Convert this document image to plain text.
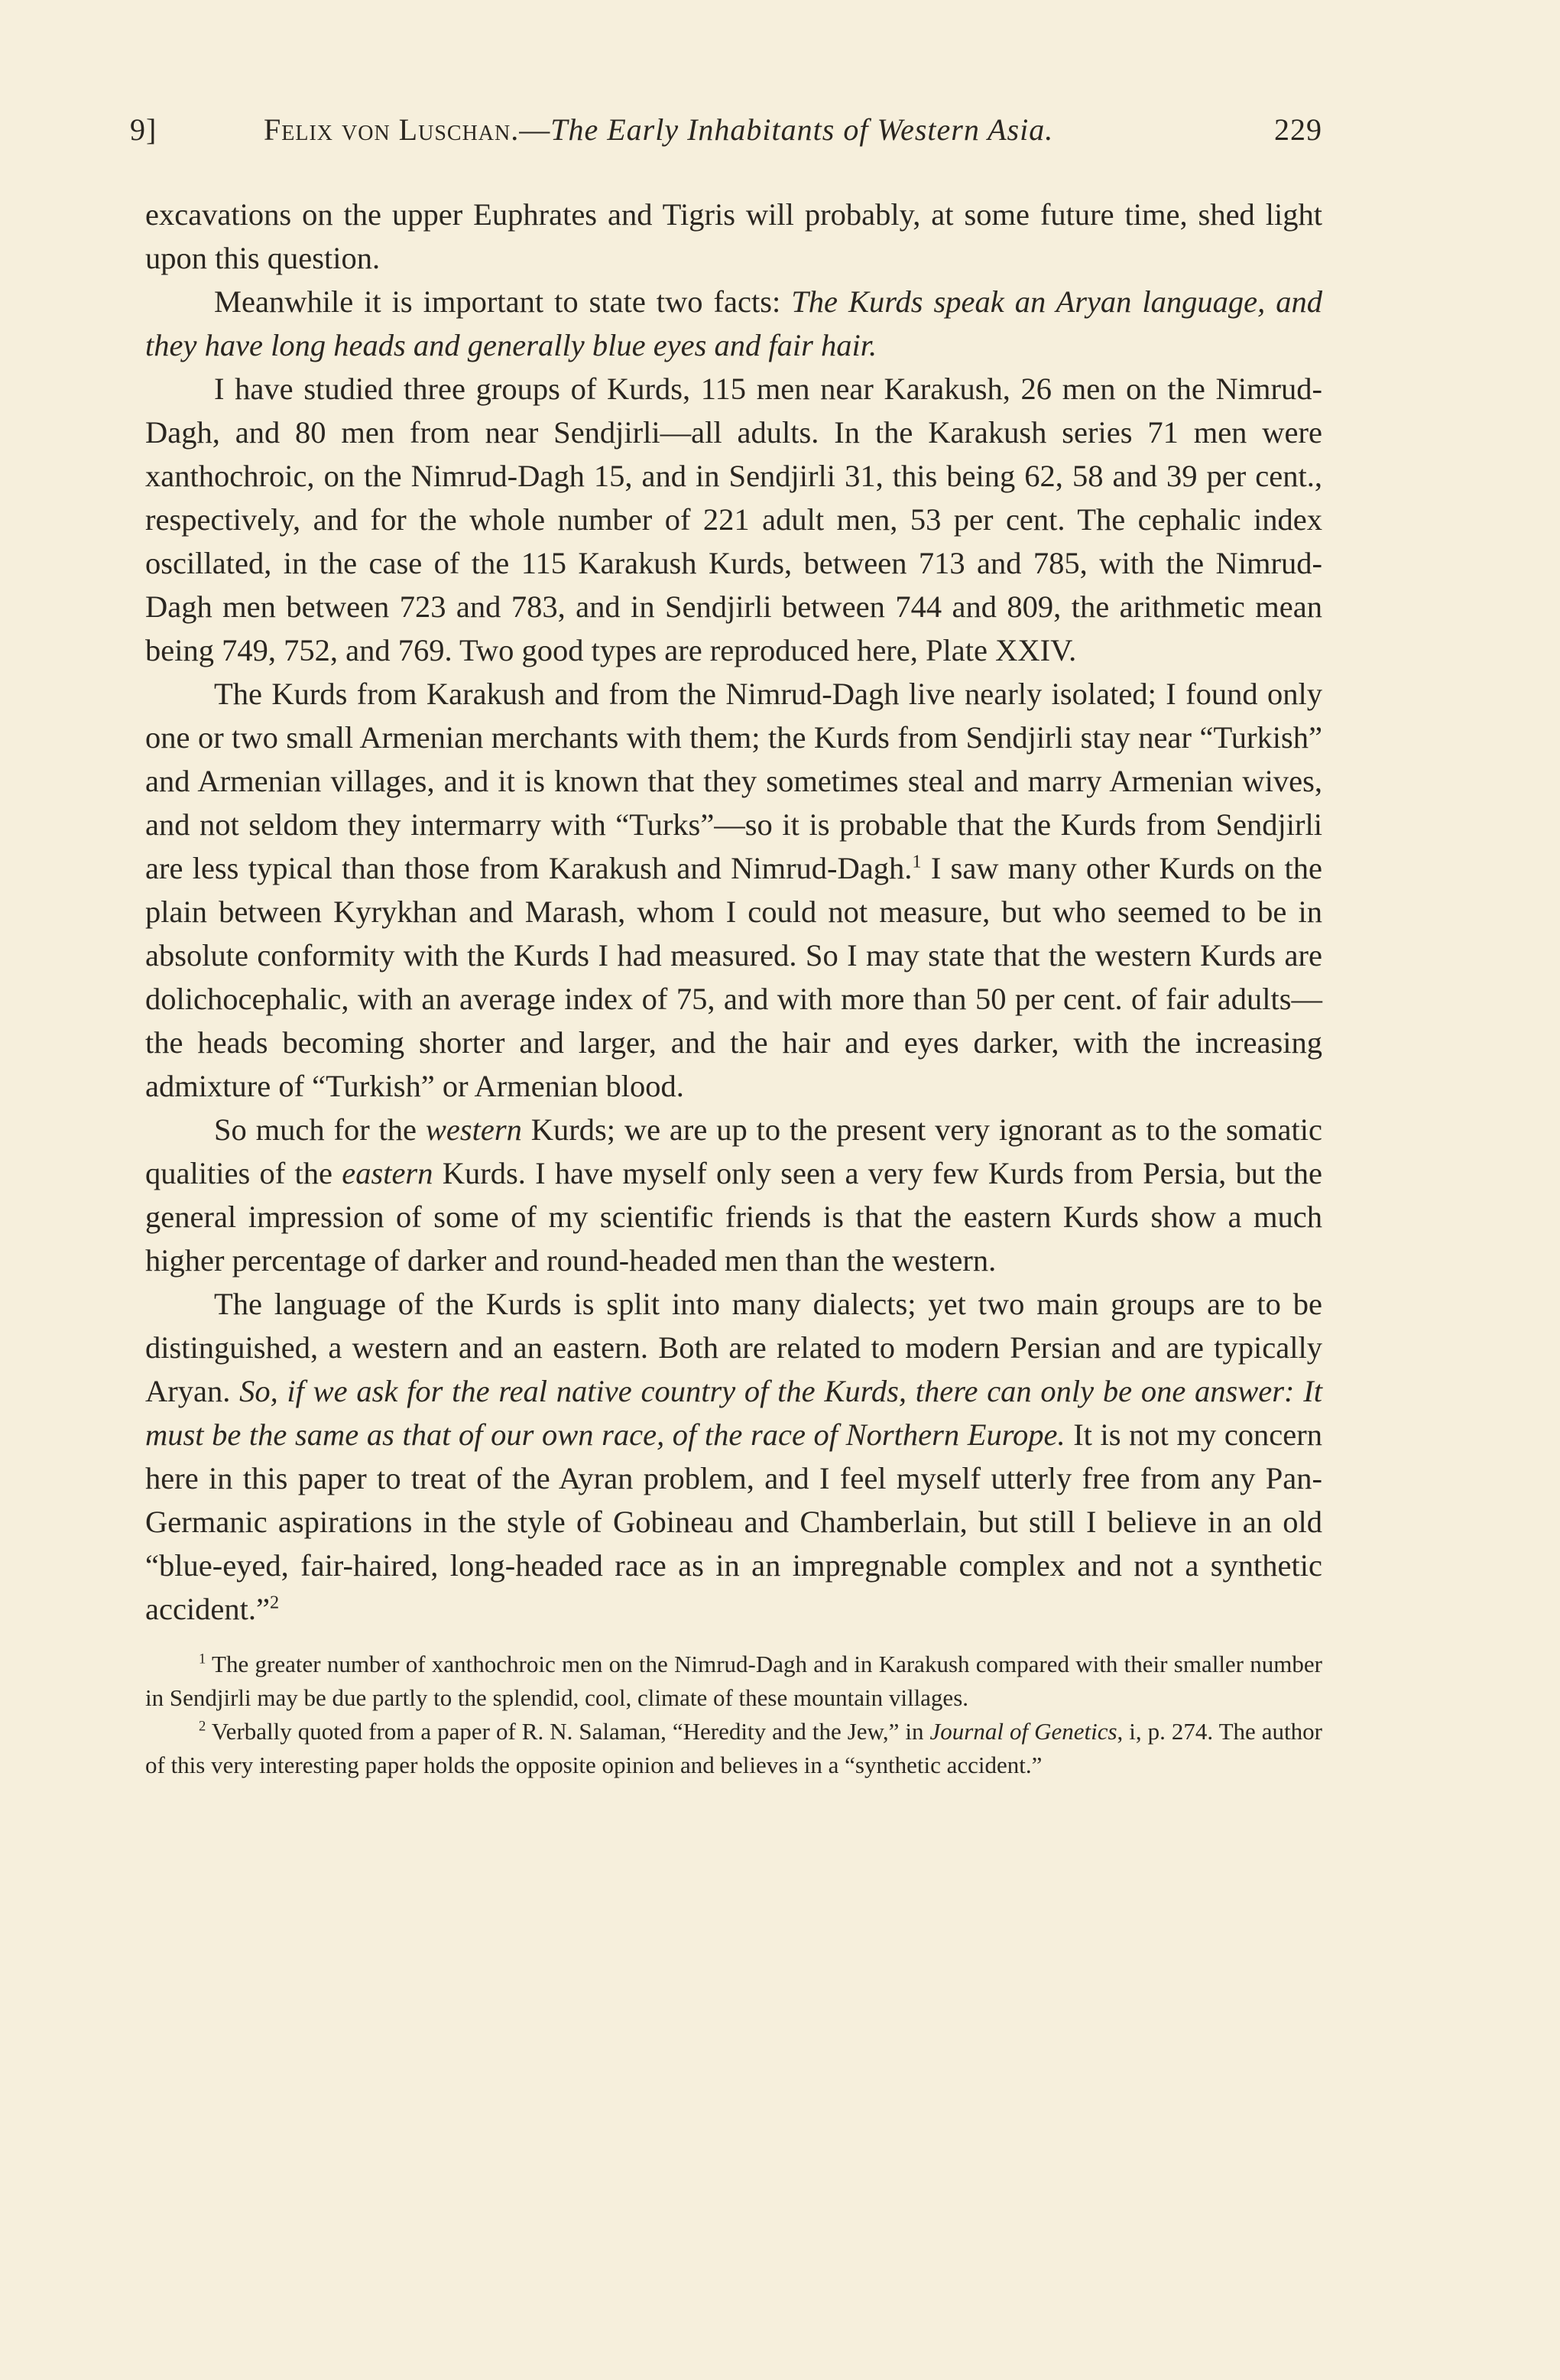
9]	Felix von Luschan.—The Early Inhabitants of Western Asia.	229

excavations on the upper Euphrates and Tigris will probably, at some future time, shed light upon this question.

Meanwhile it is important to state two facts: The Kurds speak an Aryan language, and they have long heads and generally blue eyes and fair hair.

I have studied three groups of Kurds, 115 men near Karakush, 26 men on the Nimrud-Dagh, and 80 men from near Sendjirli—all adults. In the Karakush series 71 men were xanthochroic, on the Nimrud-Dagh 15, and in Sendjirli 31, this being 62, 58 and 39 per cent., respectively, and for the whole number of 221 adult men, 53 per cent. The cephalic index oscillated, in the case of the 115 Karakush Kurds, between 713 and 785, with the Nimrud-Dagh men between 723 and 783, and in Sendjirli between 744 and 809, the arithmetic mean being 749, 752, and 769. Two good types are reproduced here, Plate XXIV.

The Kurds from Karakush and from the Nimrud-Dagh live nearly isolated; I found only one or two small Armenian merchants with them; the Kurds from Sendjirli stay near “Turkish” and Armenian villages, and it is known that they sometimes steal and marry Armenian wives, and not seldom they intermarry with “Turks”—so it is probable that the Kurds from Sendjirli are less typical than those from Karakush and Nimrud-Dagh.$^1$ I saw many other Kurds on the plain between Kyrykhan and Marash, whom I could not measure, but who seemed to be in absolute conformity with the Kurds I had measured. So I may state that the western Kurds are dolichocephalic, with an average index of 75, and with more than 50 per cent. of fair adults—the heads becoming shorter and larger, and the hair and eyes darker, with the increasing admixture of “Turkish” or Armenian blood.

So much for the western Kurds; we are up to the present very ignorant as to the somatic qualities of the eastern Kurds. I have myself only seen a very few Kurds from Persia, but the general impression of some of my scientific friends is that the eastern Kurds show a much higher percentage of darker and round-headed men than the western.

The language of the Kurds is split into many dialects; yet two main groups are to be distinguished, a western and an eastern. Both are related to modern Persian and are typically Aryan. So, if we ask for the real native country of the Kurds, there can only be one answer: It must be the same as that of our own race, of the race of Northern Europe. It is not my concern here in this paper to treat of the Ayran problem, and I feel myself utterly free from any Pan-Germanic aspirations in the style of Gobineau and Chamberlain, but still I believe in an old “blue-eyed, fair-haired, long-headed race as in an impregnable complex and not a synthetic accident.”$^2$

$^1$ The greater number of xanthochroic men on the Nimrud-Dagh and in Karakush compared with their smaller number in Sendjirli may be due partly to the splendid, cool, climate of these mountain villages.

$^2$ Verbally quoted from a paper of R. N. Salaman, “Heredity and the Jew,” in Journal of Genetics, i, p. 274. The author of this very interesting paper holds the opposite opinion and believes in a “synthetic accident.”
